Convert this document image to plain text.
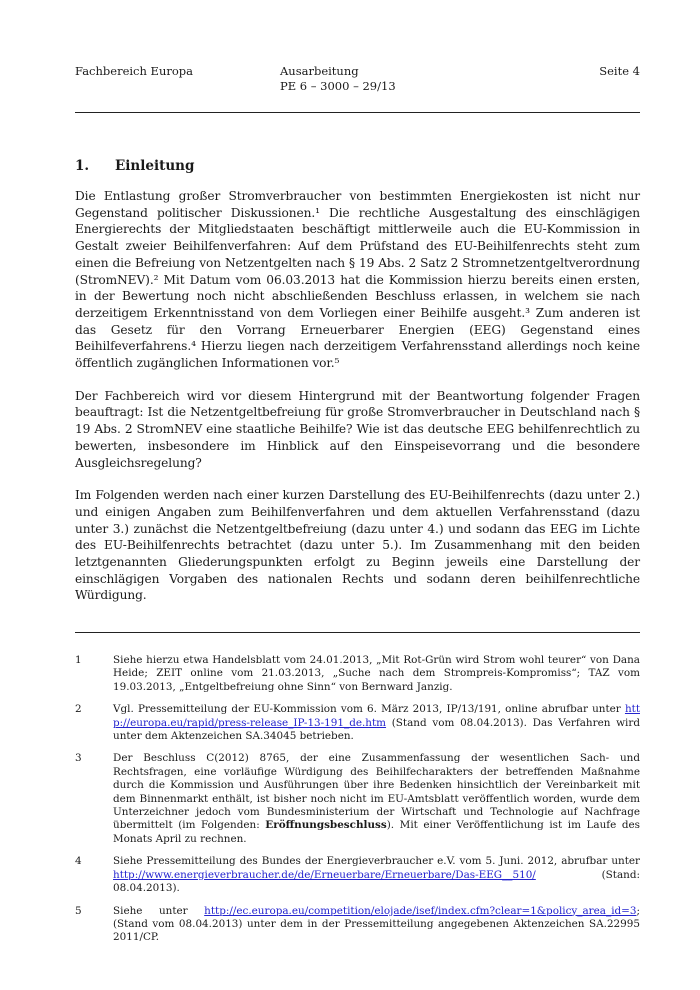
Fachbereich Europa	Ausarbeitung
PE 6 – 3000 – 29/13
Seite 4
1. Einleitung

Die Entlastung großer Stromverbraucher von bestimmten Energiekosten ist nicht nur Gegenstand politischer Diskussionen.¹ Die rechtliche Ausgestaltung des einschlägigen Energierechts der Mitgliedstaaten beschäftigt mittlerweile auch die EU-Kommission in Gestalt zweier Beihilfenverfahren: Auf dem Prüfstand des EU-Beihilfenrechts steht zum einen die Befreiung von Netzentgelten nach § 19 Abs. 2 Satz 2 Stromnetzentgeltverordnung (StromNEV).² Mit Datum vom 06.03.2013 hat die Kommission hierzu bereits einen ersten, in der Bewertung noch nicht abschließenden Beschluss erlassen, in welchem sie nach derzeitigem Erkenntnisstand von dem Vorliegen einer Beihilfe ausgeht.³ Zum anderen ist das Gesetz für den Vorrang Erneuerbarer Energien (EEG) Gegenstand eines Beihilfeverfahrens.⁴ Hierzu liegen nach derzeitigem Verfahrensstand allerdings noch keine öffentlich zugänglichen Informationen vor.⁵

Der Fachbereich wird vor diesem Hintergrund mit der Beantwortung folgender Fragen beauftragt: Ist die Netzentgeltbefreiung für große Stromverbraucher in Deutschland nach § 19 Abs. 2 StromNEV eine staatliche Beihilfe? Wie ist das deutsche EEG behilfenrechtlich zu bewerten, insbesondere im Hinblick auf den Einspeisevorrang und die besondere Ausgleichsregelung?

Im Folgenden werden nach einer kurzen Darstellung des EU-Beihilfenrechts (dazu unter 2.) und einigen Angaben zum Beihilfenverfahren und dem aktuellen Verfahrensstand (dazu unter 3.) zunächst die Netzentgeltbefreiung (dazu unter 4.) und sodann das EEG im Lichte des EU-Beihilfenrechts betrachtet (dazu unter 5.). Im Zusammenhang mit den beiden letztgenannten Gliederungspunkten erfolgt zu Beginn jeweils eine Darstellung der einschlägigen Vorgaben des nationalen Rechts und sodann deren beihilfenrechtliche Würdigung.

1	Siehe hierzu etwa Handelsblatt vom 24.01.2013, „Mit Rot-Grün wird Strom wohl teurer“ von Dana Heide; ZEIT online vom 21.03.2013, „Suche nach dem Strompreis-Kompromiss“; TAZ vom 19.03.2013, „Entgeltbefreiung ohne Sinn“ von Bernward Janzig.
2	Vgl. Pressemitteilung der EU-Kommission vom 6. März 2013, IP/13/191, online abrufbar unter http://europa.eu/rapid/press-release_IP-13-191_de.htm (Stand vom 08.04.2013). Das Verfahren wird unter dem Aktenzeichen SA.34045 betrieben.
3	Der Beschluss C(2012) 8765, der eine Zusammenfassung der wesentlichen Sach- und Rechtsfragen, eine vorläufige Würdigung des Beihilfecharakters der betreffenden Maßnahme durch die Kommission und Ausführungen über ihre Bedenken hinsichtlich der Vereinbarkeit mit dem Binnenmarkt enthält, ist bisher noch nicht im EU-Amtsblatt veröffentlich worden, wurde dem Unterzeichner jedoch vom Bundesministerium der Wirtschaft und Technologie auf Nachfrage übermittelt (im Folgenden: Eröffnungsbeschluss). Mit einer Veröffentlichung ist im Laufe des Monats April zu rechnen.
4	Siehe Pressemitteilung des Bundes der Energieverbraucher e.V. vom 5. Juni. 2012, abrufbar unter http://www.energieverbraucher.de/de/Erneuerbare/Erneuerbare/Das-EEG__510/ (Stand: 08.04.2013).
5	Siehe unter http://ec.europa.eu/competition/elojade/isef/index.cfm?clear=1&policy_area_id=3; (Stand vom 08.04.2013) unter dem in der Pressemitteilung angegebenen Aktenzeichen SA.22995 2011/CP.
